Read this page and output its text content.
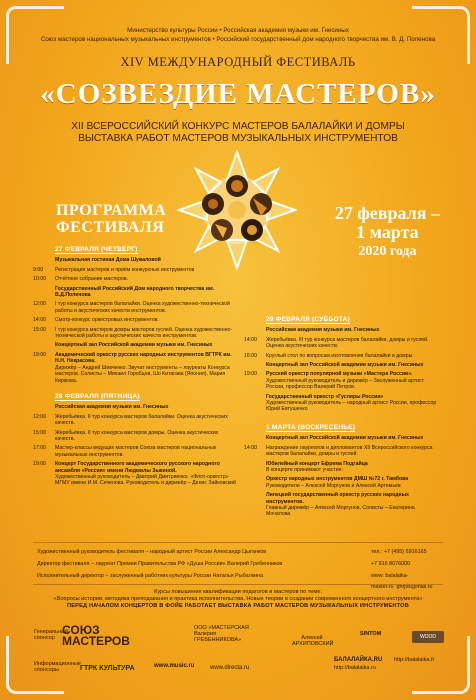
Министерство культуры России • Российская академия музыки им. Гнесиных
Союз мастеров национальных музыкальных инструментов • Российский государственный дом народного творчества им. В. Д. Поленова
XIV МЕЖДУНАРОДНЫЙ ФЕСТИВАЛЬ
«СОЗВЕЗДИЕ МАСТЕРОВ»
XII ВСЕРОССИЙСКИЙ КОНКУРС МАСТЕРОВ БАЛАЛАЙКИ И ДОМРЫ
ВЫСТАВКА РАБОТ МАСТЕРОВ МУЗЫКАЛЬНЫХ ИНСТРУМЕНТОВ
ПРОГРАММА
ФЕСТИВАЛЯ
27 февраля –
1 марта
2020 года
27 ФЕВРАЛЯ (ЧЕТВЕРГ)
Музыкальная гостиная Дома Шуваловой
9:00	Регистрация мастеров и приём конкурсных инструментов
10:00	Отчётное собрание мастеров.
Государственный Российский Дом народного творчества им. В.Д.Поленова
12:00	I тур конкурса мастеров балалайки. Оценка художественно-технической работы и акустических качеств инструментов.
14:00	Смотр-конкурс оркестровых инструментов.
15:00	I тур конкурса мастеров домры мастеров гуслей. Оценка художественно-технической работы и акустических качеств инструментов.
Концертный зал Российской академии музыки им. Гнесиных
19:00	Академический оркестр русских народных инструментов ВГТРК им. Н.Н. Некрасова.
Дирижёр – Андрей Шевченко. Звучат инструменты – лауреаты Конкурса мастеров. Солисты – Михаил Горобцов, Шо Китагава (Япония), Мария Киржова.
28 ФЕВРАЛЯ (ПЯТНИЦА)
Российская академия музыки им. Гнесиных
12:00	Жеребьёвка. II тур конкурса мастеров балалайки. Оценка акустических качеств.
15:00	Жеребьёвка. II тур конкурса мастеров домры. Оценка акустических качеств.
17:00	Мастер-классы ведущих мастеров Союза мастеров национальных музыкальных инструментов.
19:00	Концерт Государственного академического русского народного ансамбля «Россия» имени Людмилы Зыкиной.
Художественный руководитель – Дмитрий Дмитриенко. «Флот-оркестр» МГМУ имени И.М. Сеченова. Руководитель и дирижёр – Денис Зайковский
29 ФЕВРАЛЯ (СУББОТА)
Российская академия музыки им. Гнесиных
14:00	Жеребьёвка. III тур конкурса мастеров балалайки, домры и гуслей. Оценка акустических качеств.
16:00	Круглый стол по вопросам изготовления балалайки и домры.
Концертный зал Российской академии музыки им. Гнесиных
19:00	Русский оркестр популярной музыки «Мастера России».
Художественный руководитель и дирижёр – Заслуженный артист России, профессор Валерий Петров.
Государственный оркестр «Гусляры России»
Художественный руководитель – народный артист России, профессор Юрий Евтушенко
1 МАРТА (ВОСКРЕСЕНЬЕ)
Концертный зал Российской академии музыки им. Гнесиных
14:00	Награждение лауреатов и дипломантов XII Всероссийского конкурса мастеров балалайки, домры и гуслей.
Юбилейный концерт Ефрема Подгайца
В концерте принимают участие:
Оркестр народных инструментов ДМШ №72 г. Тамбова
Руководители – Алексей Моргунов и Алексей Артемьев
Липецкий государственный оркестр русских народных инструментов.
Главный дирижёр – Алексей Моргунов. Солисты – Екатерина Мочалова
Художественный руководитель фестиваля – народный артист России Александр Цыганков	тел.: +7 (495) 6916165
Директор фестиваля – лауреат Премии Правительства РФ «Душа России» Валерий Гребенников	+7 916 8076000
Исполнительный директор – заслуженный работник культуры России Наталья Рыбалкина	www. balalaika-master.ru gnrjvs@mail.ru
Курсы повышения квалификации педагогов и мастеров по теме:
«Вопросы истории, методика преподавания и практика исполнительства. Новые теории в создании современного концертного инструмента»
ПЕРЕД НАЧАЛОМ КОНЦЕРТОВ В ФОЙЕ РАБОТАЕТ ВЫСТАВКА РАБОТ МАСТЕРОВ МУЗЫКАЛЬНЫХ ИНСТРУМЕНТОВ
Генеральный спонсор
СОЮЗ МАСТЕРОВ
Информационные спонсоры	ГТРК КУЛЬТУРА	www.music.ru	www.directa.ru
ООО «МАСТЕРСКАЯ Валерия ГРЕБЕННИКОВА»	Алексей АРХИПОВСКИЙ
SINTOM	WOOD
БАЛАЛАЙКА.RU
http://balalaika.ru
http://balalaika.fr
